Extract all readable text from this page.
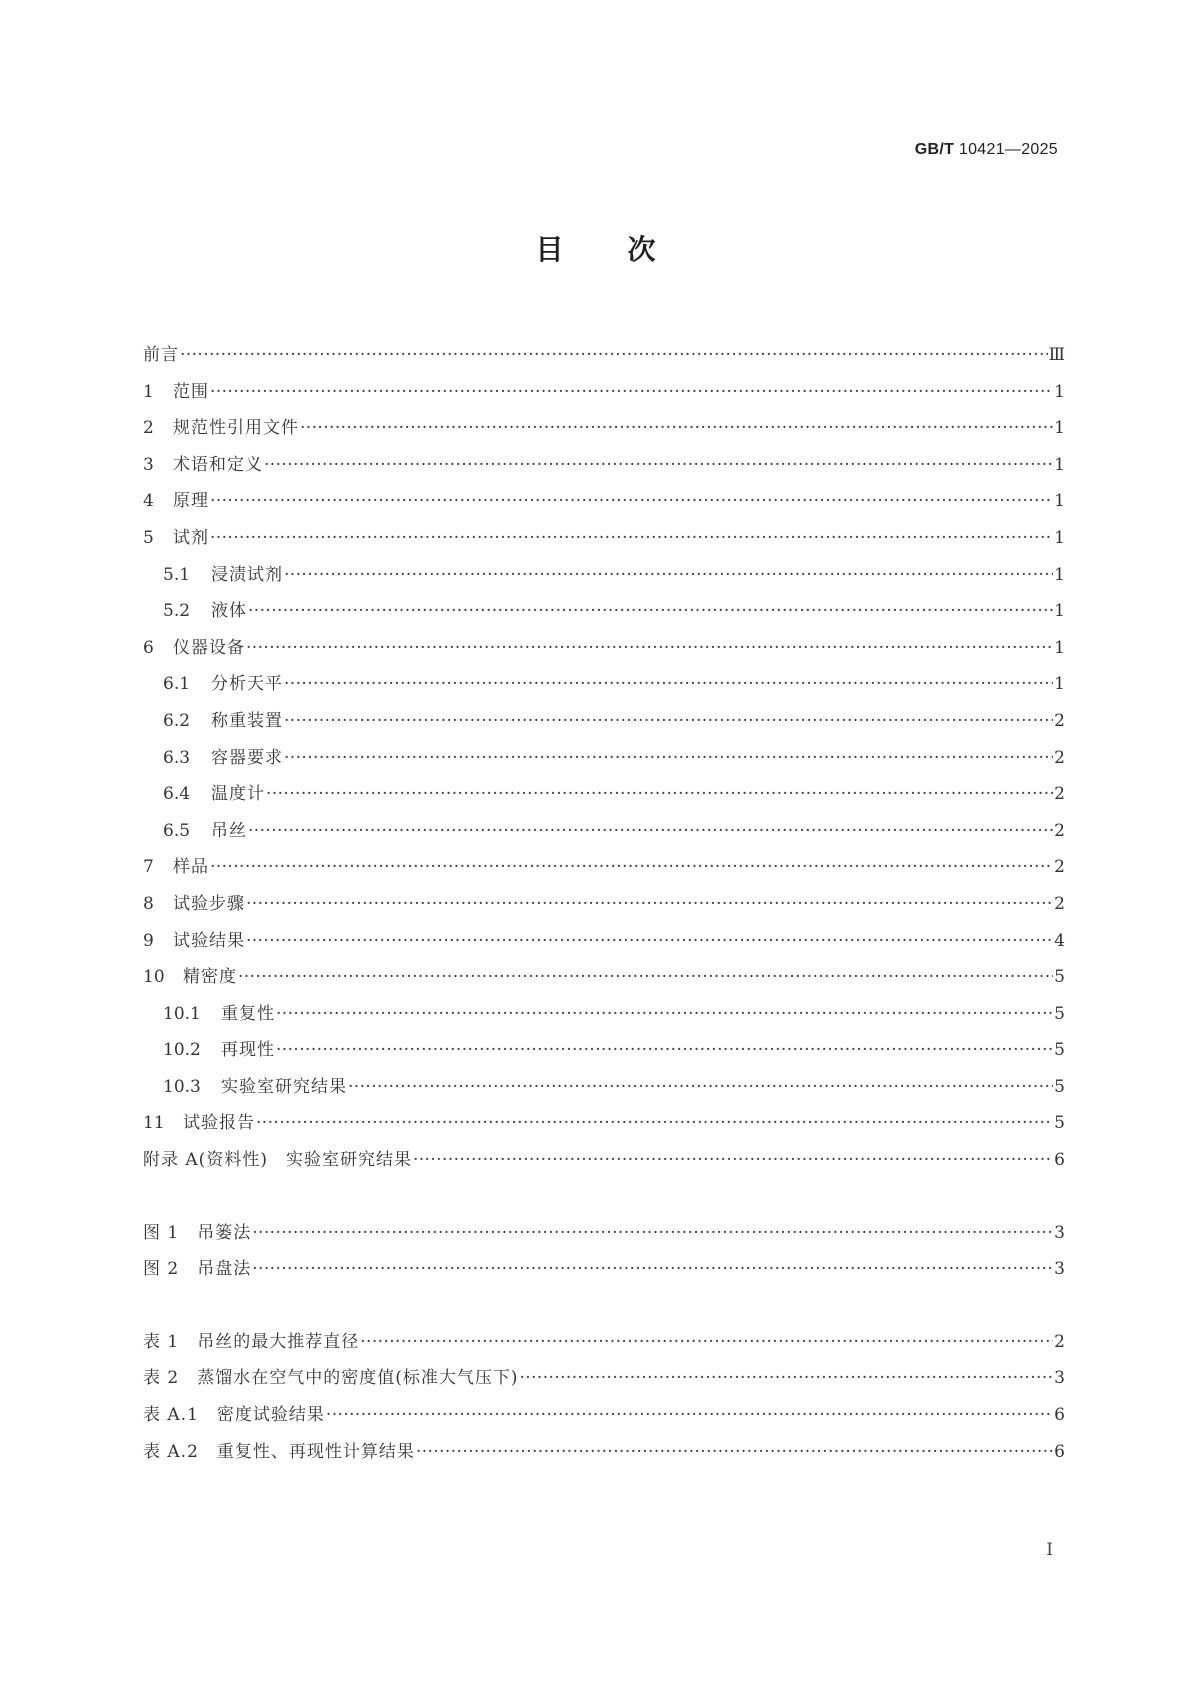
GB/T 10421—2025
目次
前言 ·····	Ⅲ
1	范围 ·····	1
2	规范性引用文件 ·····	1
3	术语和定义 ·····	1
4	原理 ·····	1
5	试剂 ·····	1
5.1	浸渍试剂 ·····	1
5.2	液体 ·····	1
6	仪器设备 ·····	1
6.1	分析天平 ·····	1
6.2	称重装置 ·····	2
6.3	容器要求 ·····	2
6.4	温度计 ·····	2
6.5	吊丝 ·····	2
7	样品 ·····	2
8	试验步骤 ·····	2
9	试验结果 ·····	4
10	精密度 ·····	5
10.1	重复性 ·····	5
10.2	再现性 ·····	5
10.3	实验室研究结果 ·····	5
11	试验报告 ·····	5
附录 A(资料性)　实验室研究结果 ·····	6
图 1　吊篓法 ·····	3
图 2　吊盘法 ·····	3
表 1　吊丝的最大推荐直径 ·····	2
表 2　蒸馏水在空气中的密度值(标准大气压下) ·····	3
表 A.1　密度试验结果 ·····	6
表 A.2　重复性、再现性计算结果 ·····	6
I
